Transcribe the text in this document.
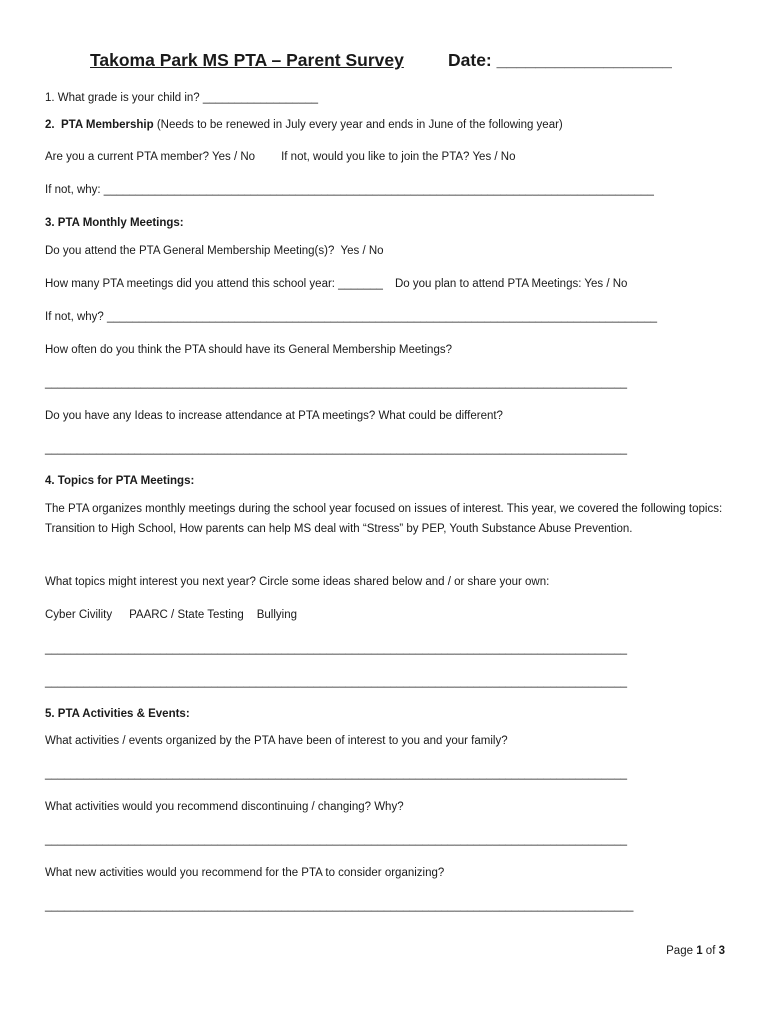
Takoma Park MS PTA – Parent Survey	Date: __________________

1. What grade is your child in? __________________

2.  PTA Membership (Needs to be renewed in July every year and ends in June of the following year)

Are you a current PTA member? Yes / No If not, would you like to join the PTA? Yes / No

If not, why: ______________________________________________________________________________________

3. PTA Monthly Meetings:

Do you attend the PTA General Membership Meeting(s)?  Yes / No

How many PTA meetings did you attend this school year: _______ Do you plan to attend PTA Meetings: Yes / No

If not, why? ______________________________________________________________________________________

How often do you think the PTA should have its General Membership Meetings?

___________________________________________________________________________________________

Do you have any Ideas to increase attendance at PTA meetings? What could be different?

___________________________________________________________________________________________

4. Topics for PTA Meetings:

The PTA organizes monthly meetings during the school year focused on issues of interest. This year, we covered the following topics: Transition to High School, How parents can help MS deal with “Stress” by PEP, Youth Substance Abuse Prevention.

What topics might interest you next year? Circle some ideas shared below and / or share your own:

Cyber Civility PAARC / State Testing Bullying

___________________________________________________________________________________________

___________________________________________________________________________________________

5. PTA Activities & Events:

What activities / events organized by the PTA have been of interest to you and your family?

___________________________________________________________________________________________

What activities would you recommend discontinuing / changing? Why?

___________________________________________________________________________________________

What new activities would you recommend for the PTA to consider organizing?

____________________________________________________________________________________________

Page 1 of 3
